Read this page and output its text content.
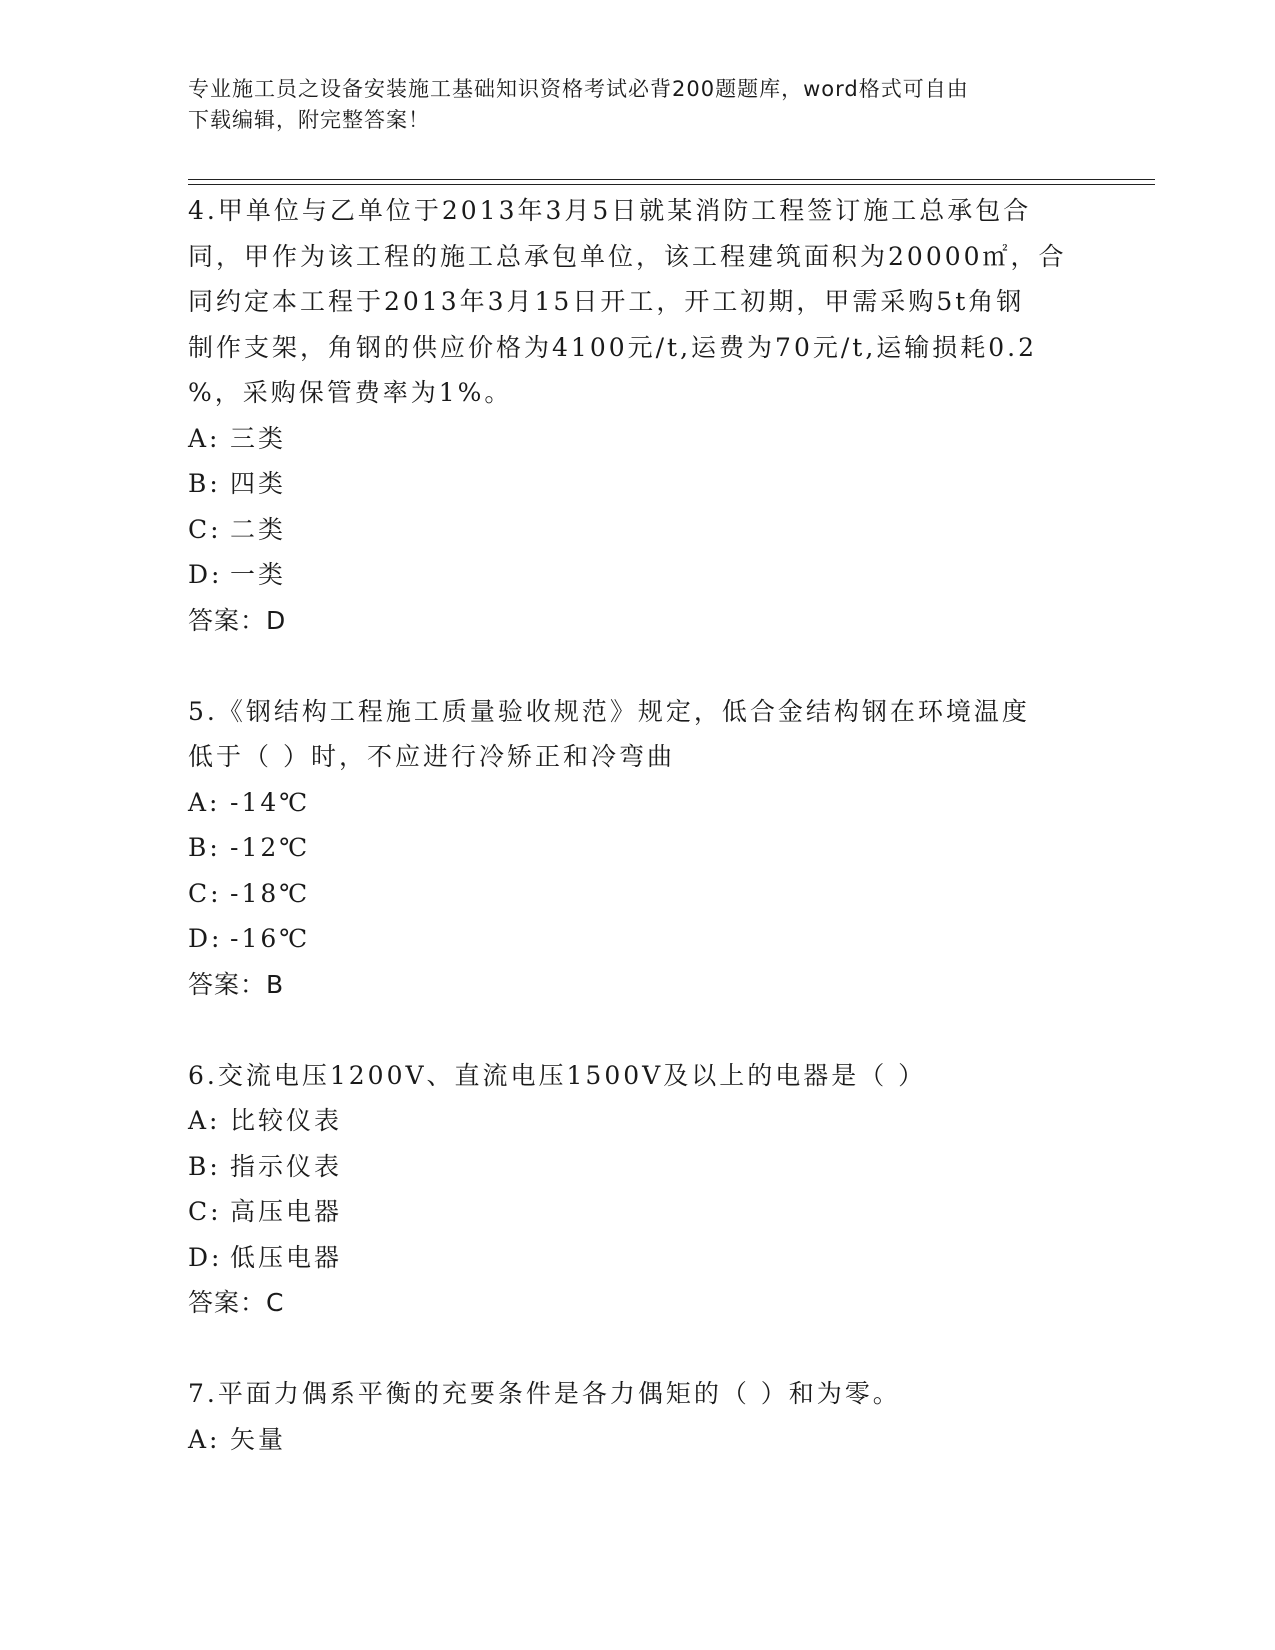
专业施工员之设备安装施工基础知识资格考试必背200题题库，word格式可自由
下载编辑，附完整答案！

4.甲单位与乙单位于2013年3月5日就某消防工程签订施工总承包合

同，甲作为该工程的施工总承包单位，该工程建筑面积为20000㎡，合

同约定本工程于2013年3月15日开工，开工初期，甲需采购5t角钢

制作支架，角钢的供应价格为4100元/t,运费为70元/t,运输损耗0.2

%，采购保管费率为1%。

A: 三类
B: 四类
C: 二类
D: 一类
答案：D

5.《钢结构工程施工质量验收规范》规定，低合金结构钢在环境温度

低于（ ）时，不应进行冷矫正和冷弯曲

A: -14℃
B: -12℃
C: -18℃
D: -16℃
答案：B

6.交流电压1200V、直流电压1500V及以上的电器是（ ）

A: 比较仪表
B: 指示仪表
C: 高压电器
D: 低压电器
答案：C

7.平面力偶系平衡的充要条件是各力偶矩的（ ）和为零。

A: 矢量
